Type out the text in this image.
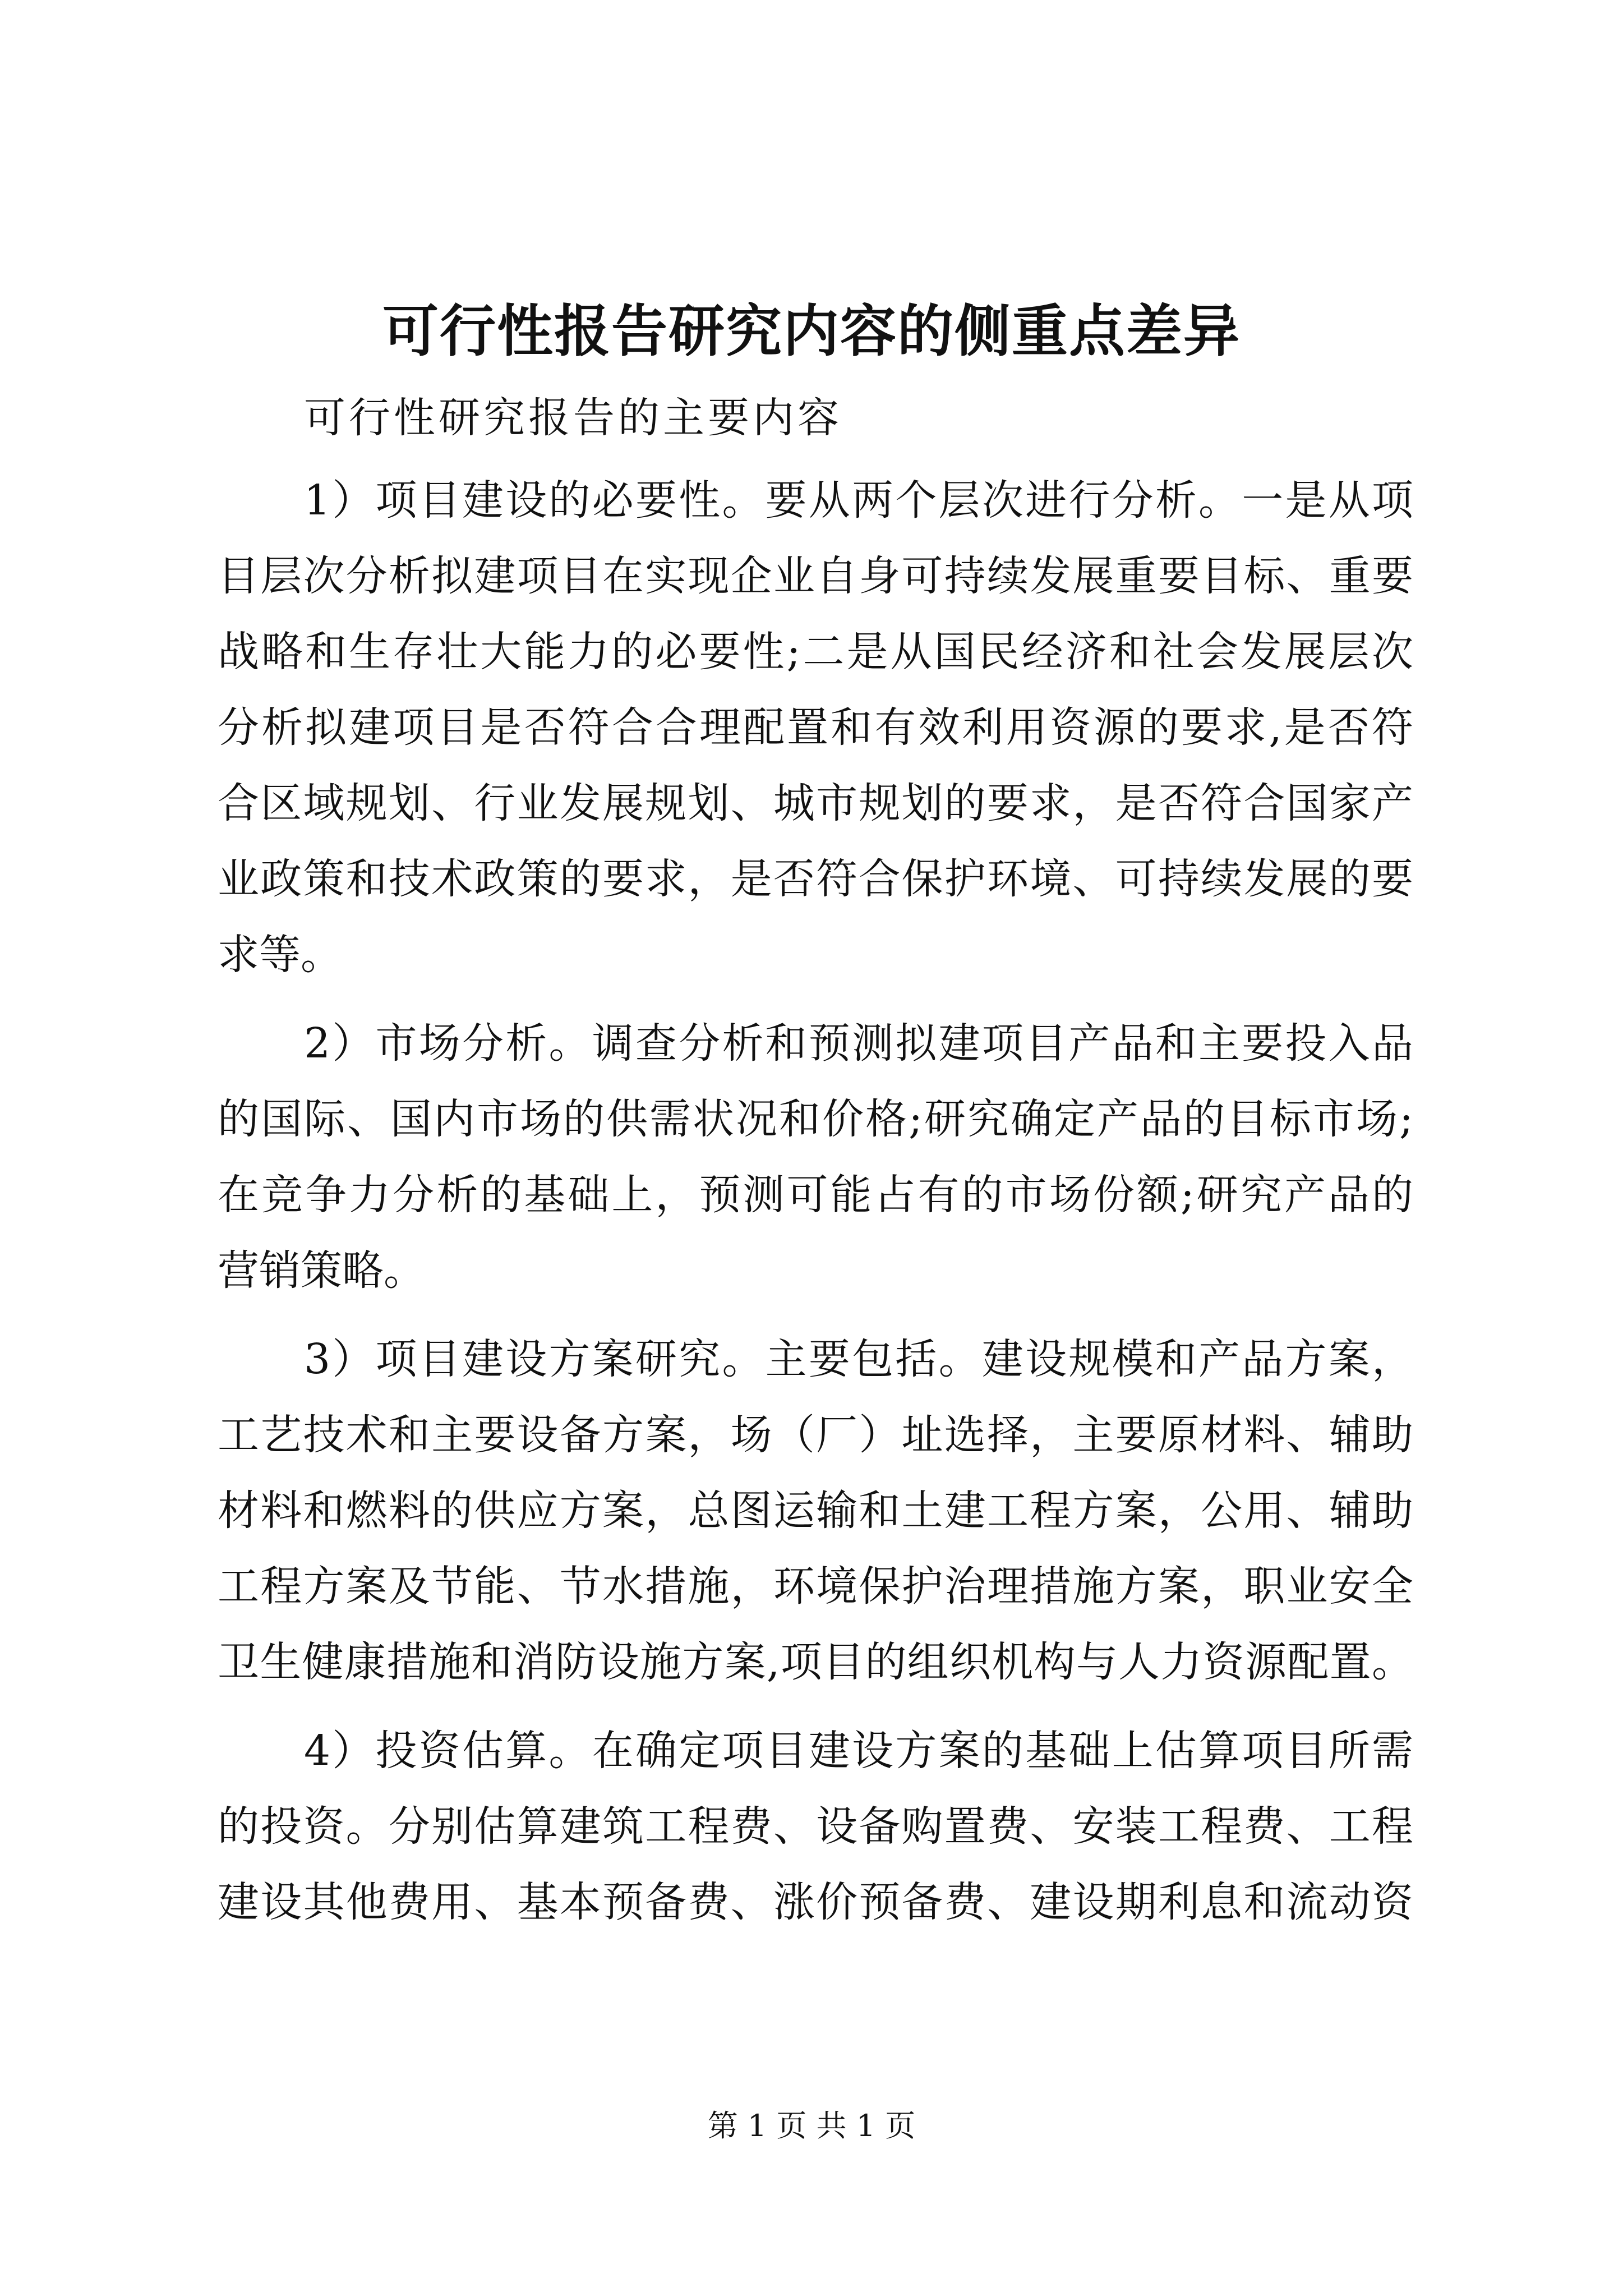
可行性报告研究内容的侧重点差异
可行性研究报告的主要内容
1）项目建设的必要性。要从两个层次进行分析。一是从项
目层次分析拟建项目在实现企业自身可持续发展重要目标、重要
战略和生存壮大能力的必要性;二是从国民经济和社会发展层次
分析拟建项目是否符合合理配置和有效利用资源的要求,是否符
合区域规划、行业发展规划、城市规划的要求，是否符合国家产
业政策和技术政策的要求，是否符合保护环境、可持续发展的要
求等。
2）市场分析。调查分析和预测拟建项目产品和主要投入品
的国际、国内市场的供需状况和价格;研究确定产品的目标市场;
在竞争力分析的基础上，预测可能占有的市场份额;研究产品的
营销策略。
3）项目建设方案研究。主要包括。建设规模和产品方案，
工艺技术和主要设备方案，场（厂）址选择，主要原材料、辅助
材料和燃料的供应方案，总图运输和土建工程方案，公用、辅助
工程方案及节能、节水措施，环境保护治理措施方案，职业安全
卫生健康措施和消防设施方案,项目的组织机构与人力资源配置。
4）投资估算。在确定项目建设方案的基础上估算项目所需
的投资。分别估算建筑工程费、设备购置费、安装工程费、工程
建设其他费用、基本预备费、涨价预备费、建设期利息和流动资
第 1 页 共 1 页
